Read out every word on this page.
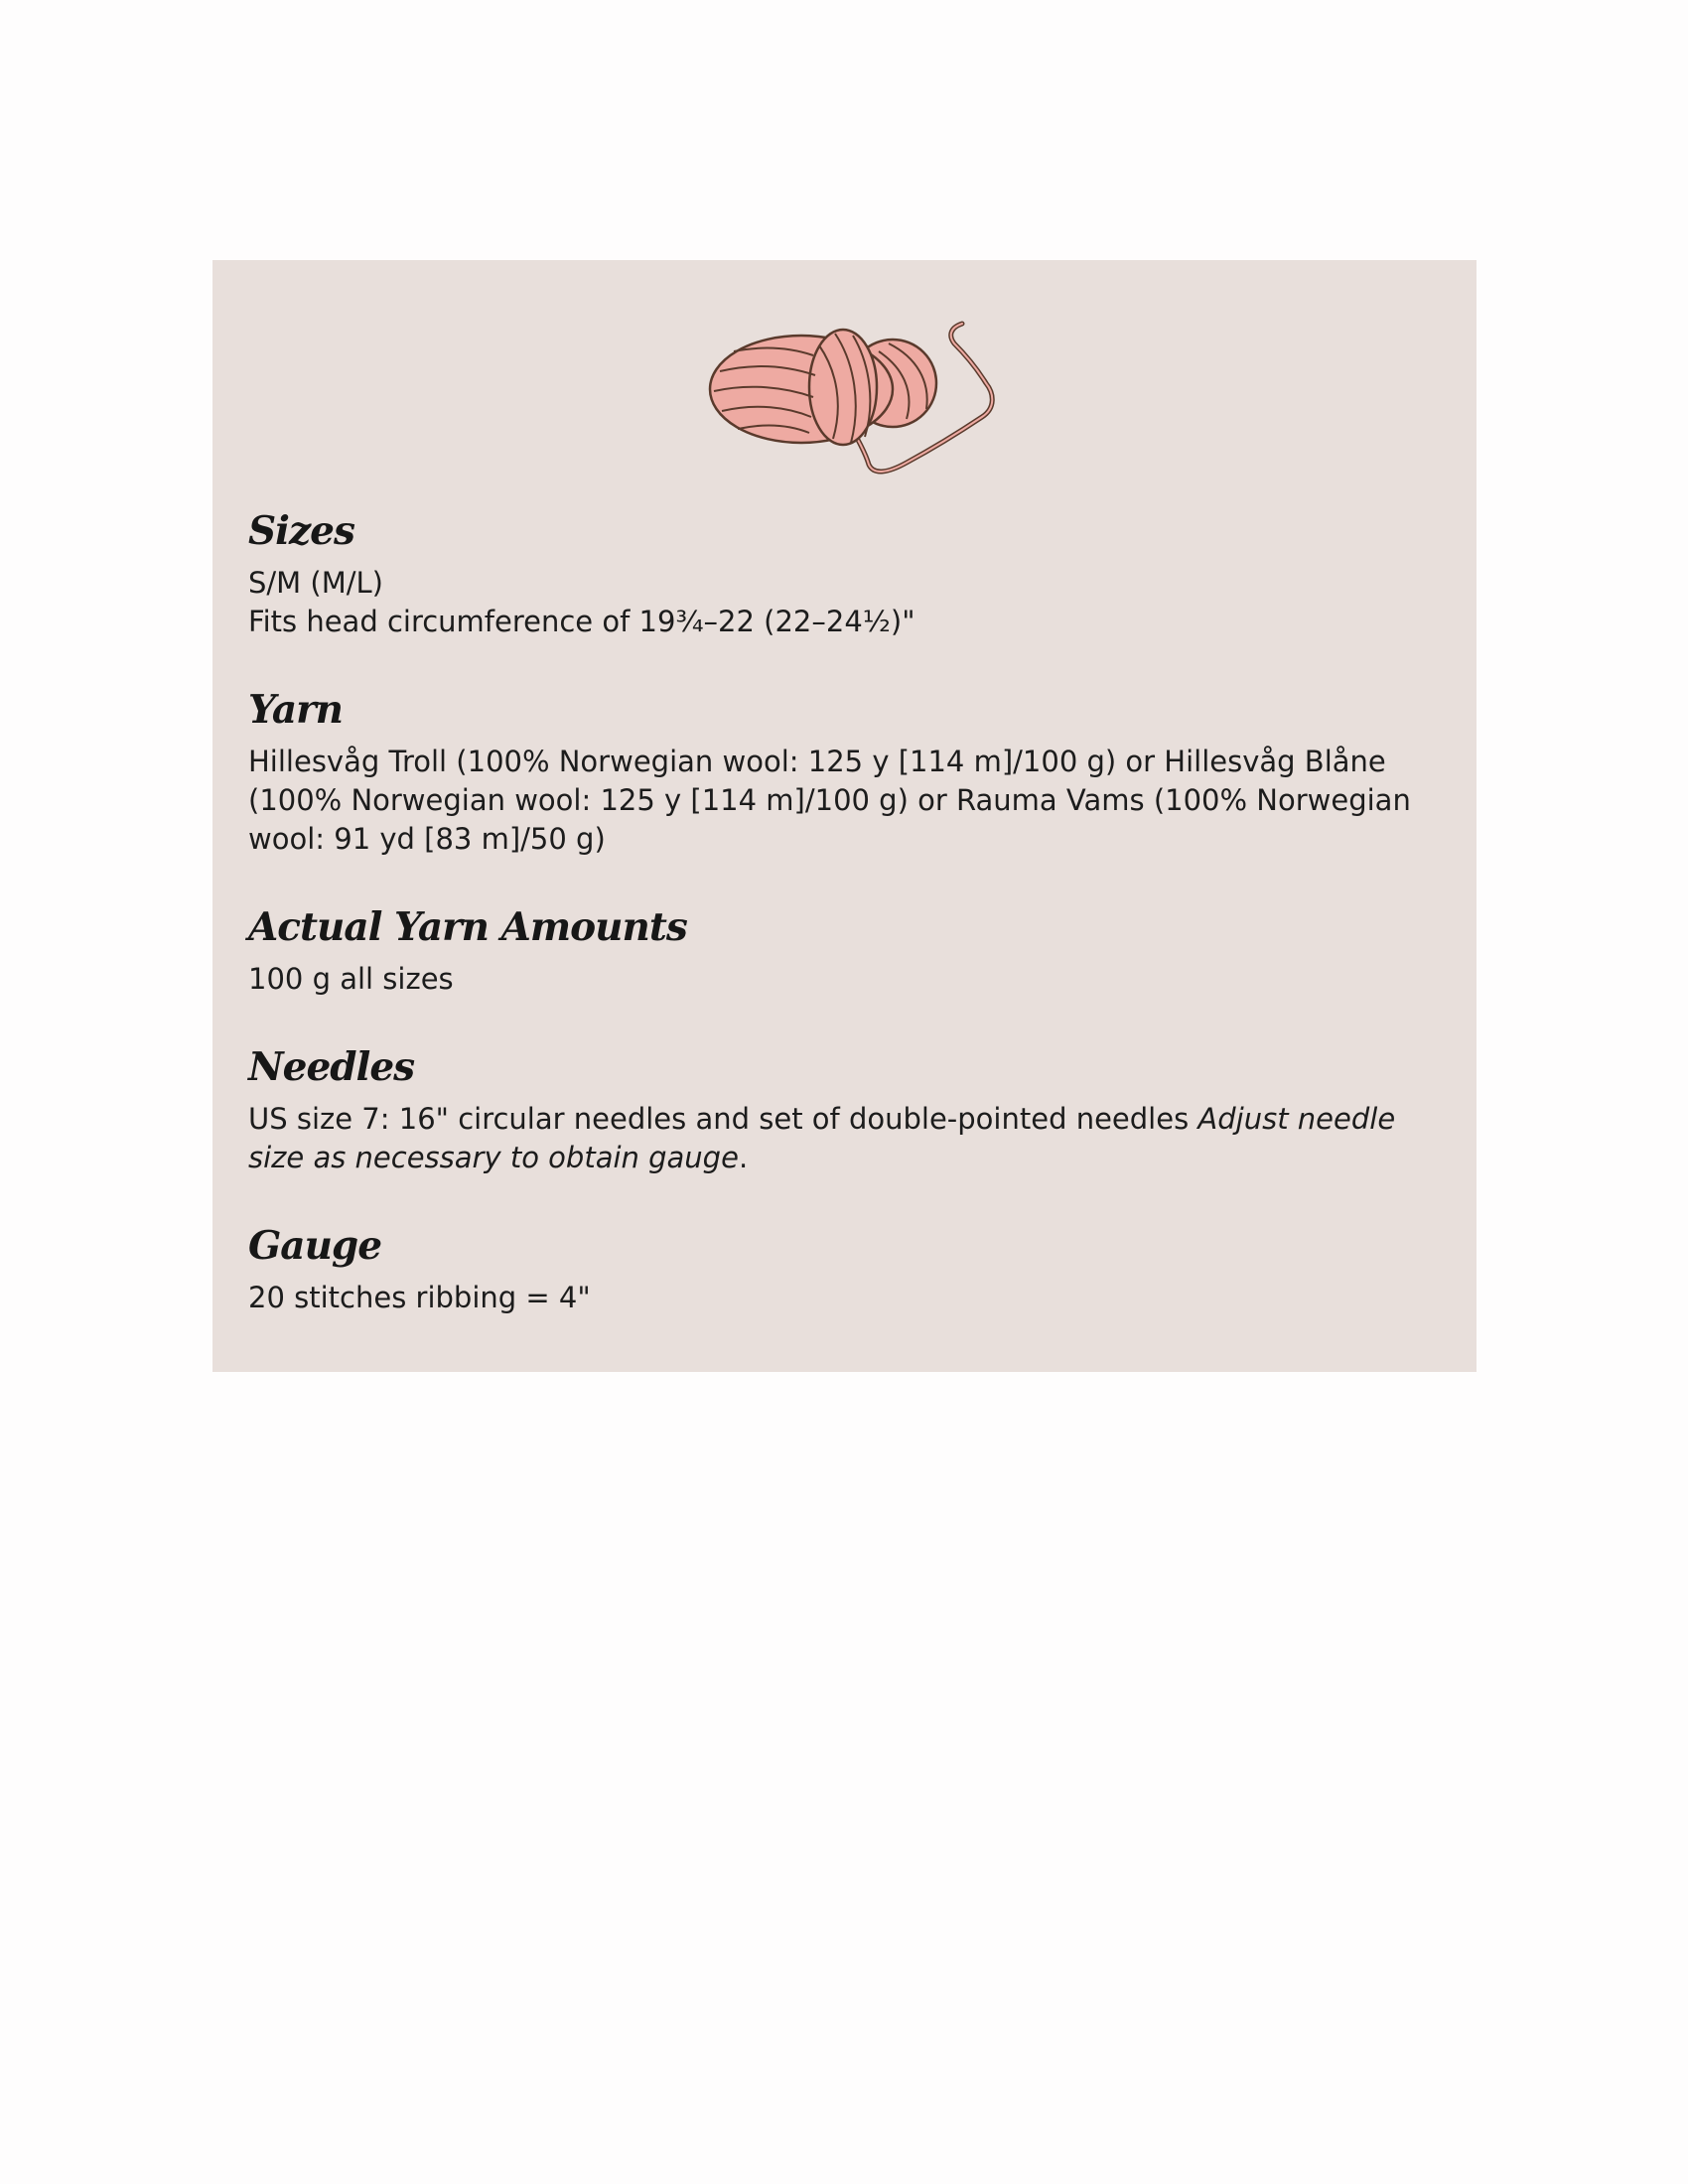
Sizes

S/M (M/L)
Fits head circumference of 19¾–22 (22–24½)"

Yarn

Hillesvåg Troll (100% Norwegian wool: 125 y [114 m]/100 g) or Hillesvåg Blåne (100% Norwegian wool: 125 y [114 m]/100 g) or Rauma Vams (100% Norwegian wool: 91 yd [83 m]/50 g)

Actual Yarn Amounts

100 g all sizes

Needles

US size 7: 16" circular needles and set of double-pointed needles Adjust needle size as necessary to obtain gauge.

Gauge

20 stitches ribbing = 4"
